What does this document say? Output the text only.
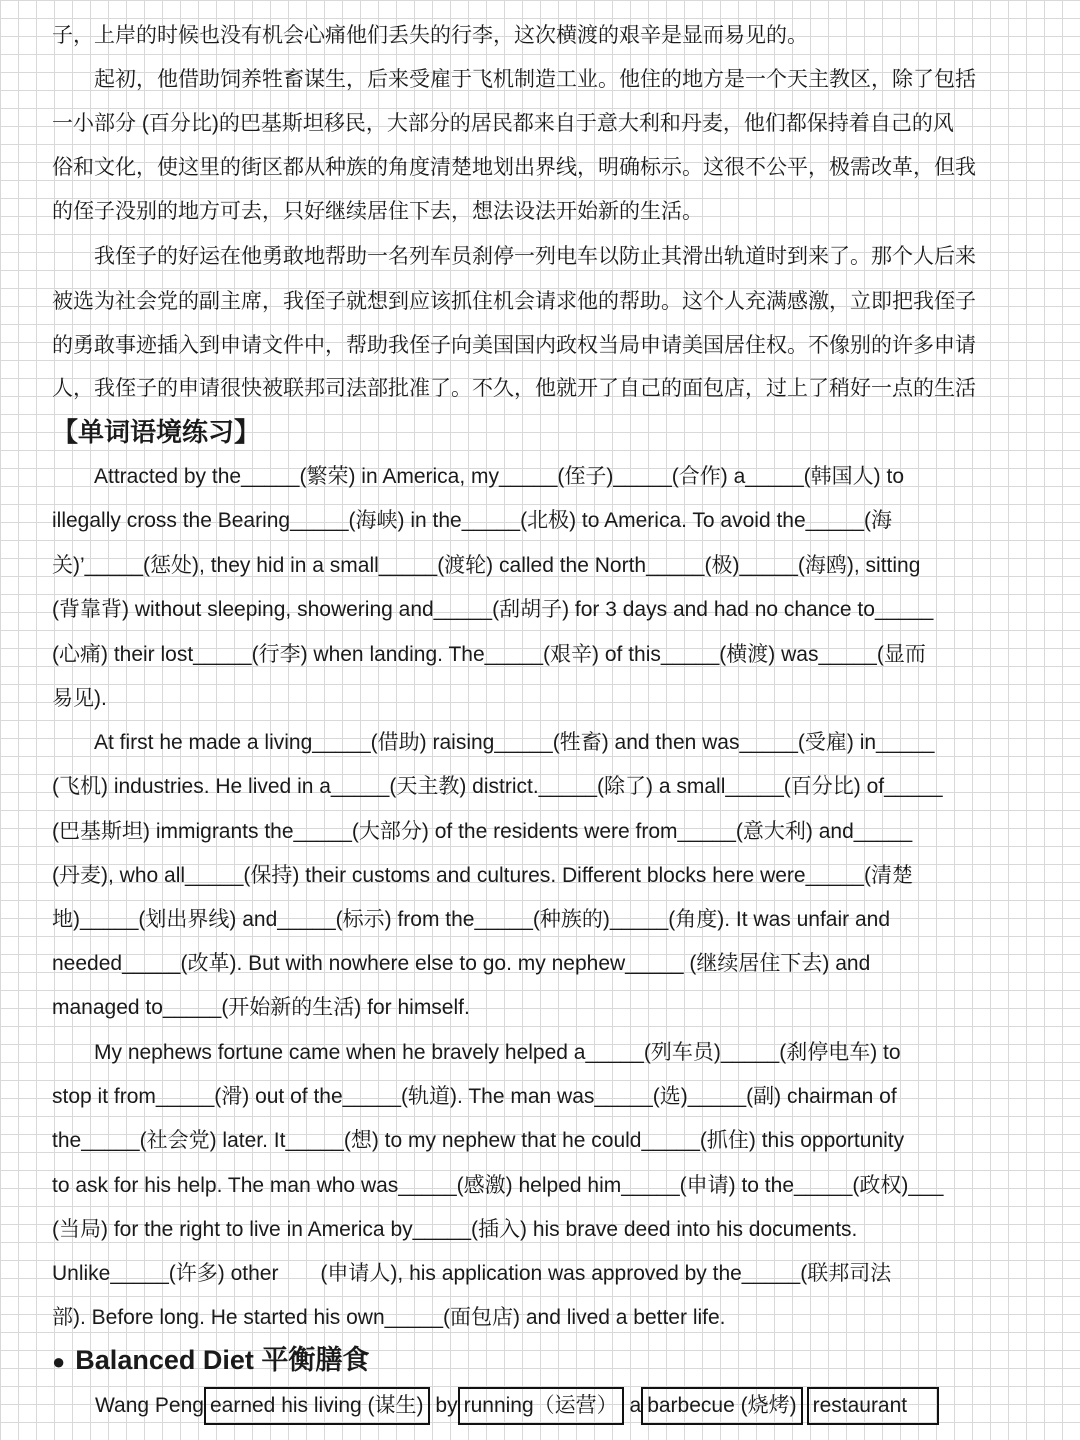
子，上岸的时候也没有机会心痛他们丢失的行李，这次横渡的艰辛是显而易见的。
　　起初，他借助饲养牲畜谋生，后来受雇于飞机制造工业。他住的地方是一个天主教区，除了包括
一小部分 (百分比)的巴基斯坦移民，大部分的居民都来自于意大利和丹麦，他们都保持着自己的风
俗和文化，使这里的街区都从种族的角度清楚地划出界线，明确标示。这很不公平，极需改革，但我
的侄子没别的地方可去，只好继续居住下去，想法设法开始新的生活。
　　我侄子的好运在他勇敢地帮助一名列车员刹停一列电车以防止其滑出轨道时到来了。那个人后来
被选为社会党的副主席，我侄子就想到应该抓住机会请求他的帮助。这个人充满感激，立即把我侄子
的勇敢事迹插入到申请文件中，帮助我侄子向美国国内政权当局申请美国居住权。不像别的许多申请
人，我侄子的申请很快被联邦司法部批准了。不久，他就开了自己的面包店，过上了稍好一点的生活
【单词语境练习】
　　Attracted by the_____(繁荣) in America, my_____(侄子)_____(合作) a_____(韩国人) to
illegally cross the Bearing_____(海峡) in the_____(北极) to America. To avoid the_____(海
关)’_____(惩处), they hid in a small_____(渡轮) called the North_____(极)_____(海鸥), sitting
(背靠背) without sleeping, showering and_____(刮胡子) for 3 days and had no chance to_____
(心痛) their lost_____(行李) when landing. The_____(艰辛) of this_____(横渡) was_____(显而
易见).
　　At first he made a living_____(借助) raising_____(牲畜) and then was_____(受雇) in_____
(飞机) industries. He lived in a_____(天主教) district._____(除了) a small_____(百分比) of_____
(巴基斯坦) immigrants the_____(大部分) of the residents were from_____(意大利) and_____
(丹麦), who all_____(保持) their customs and cultures. Different blocks here were_____(清楚
地)_____(划出界线) and_____(标示) from the_____(种族的)_____(角度). It was unfair and
needed_____(改革). But with nowhere else to go. my nephew_____ (继续居住下去) and
managed to_____(开始新的生活) for himself.
　　My nephews fortune came when he bravely helped a_____(列车员)_____(刹停电车) to
stop it from_____(滑) out of the_____(轨道). The man was_____(选)_____(副) chairman of
the_____(社会党) later. It_____(想) to my nephew that he could_____(抓住) this opportunity
to ask for his help. The man who was_____(感激) helped him_____(申请) to the_____(政权)___
(当局) for the right to live in America by_____(插入) his brave deed into his documents.
Unlike_____(许多) other　　(申请人), his application was approved by the_____(联邦司法
部). Before long. He started his own_____(面包店) and lived a better life.
● Balanced Diet 平衡膳食
Wang Peng earned his living (谋生) by running（运营） a barbecue (烧烤) restaurant
